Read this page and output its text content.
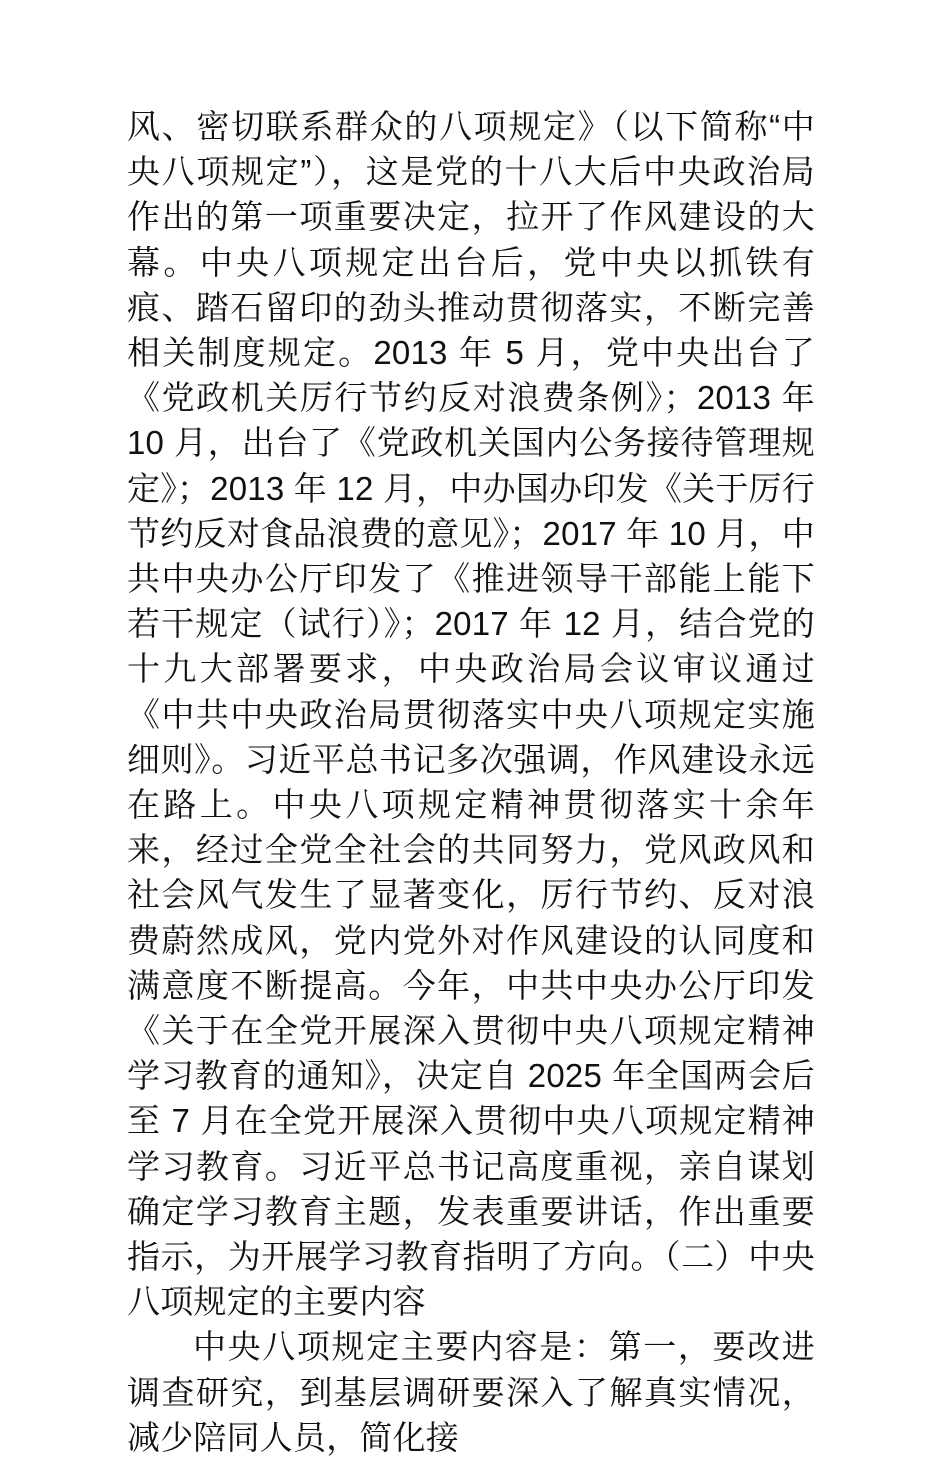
风、密切联系群众的八项规定》（以下简称“中央八项规定”），这是党的十八大后中央政治局作出的第一项重要决定，拉开了作风建设的大幕。中央八项规定出台后，党中央以抓铁有痕、踏石留印的劲头推动贯彻落实，不断完善相关制度规定。2013 年 5 月，党中央出台了《党政机关厉行节约反对浪费条例》；2013 年 10 月，出台了《党政机关国内公务接待管理规定》；2013 年 12 月，中办国办印发《关于厉行节约反对食品浪费的意见》；2017 年 10 月，中共中央办公厅印发了《推进领导干部能上能下若干规定（试行）》；2017 年 12 月，结合党的十九大部署要求，中央政治局会议审议通过《中共中央政治局贯彻落实中央八项规定实施细则》。习近平总书记多次强调，作风建设永远在路上。中央八项规定精神贯彻落实十余年来，经过全党全社会的共同努力，党风政风和社会风气发生了显著变化，厉行节约、反对浪费蔚然成风，党内党外对作风建设的认同度和满意度不断提高。今年，中共中央办公厅印发《关于在全党开展深入贯彻中央八项规定精神学习教育的通知》，决定自 2025 年全国两会后至 7 月在全党开展深入贯彻中央八项规定精神学习教育。习近平总书记高度重视，亲自谋划确定学习教育主题，发表重要讲话，作出重要指示，为开展学习教育指明了方向。（二）中央八项规定的主要内容

中央八项规定主要内容是：第一，要改进调查研究，到基层调研要深入了解真实情况，减少陪同人员，简化接
